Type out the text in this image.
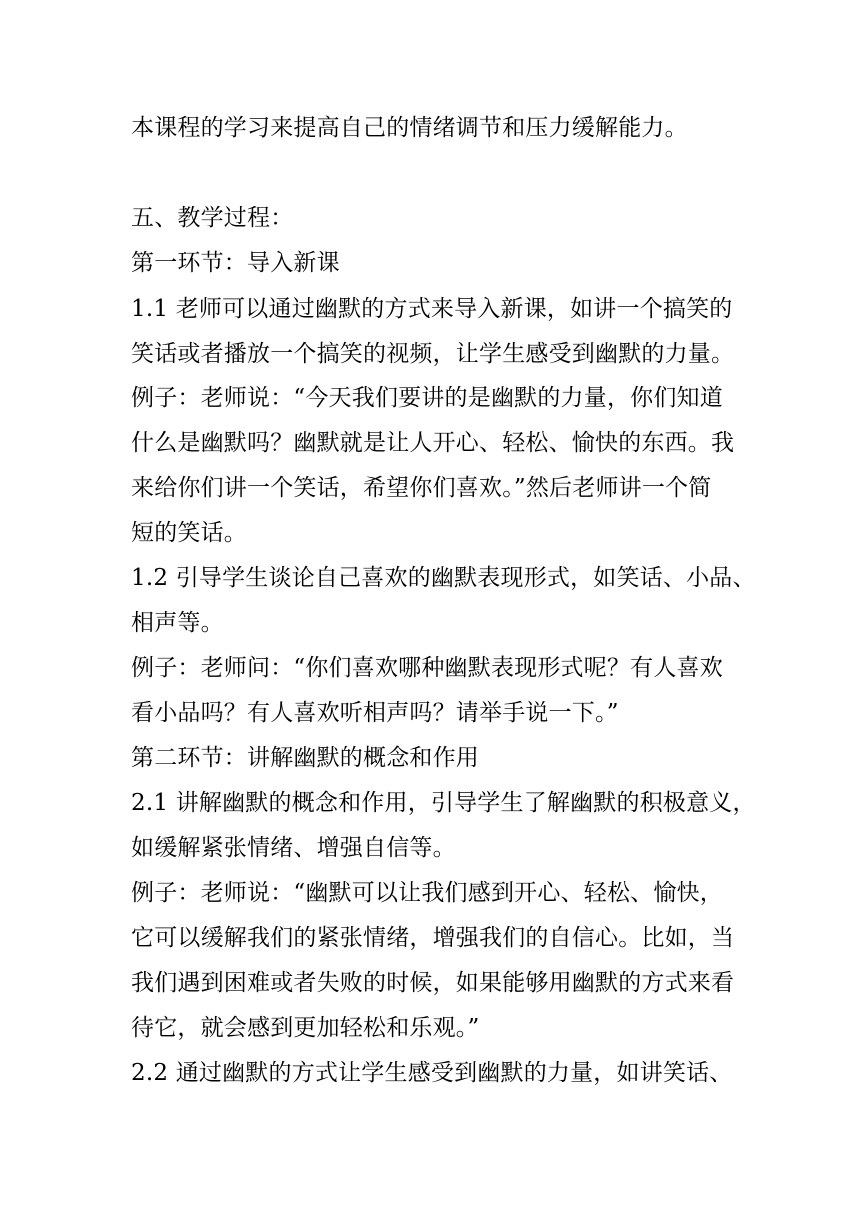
本课程的学习来提高自己的情绪调节和压力缓解能力。
五、教学过程：
第一环节：导入新课
1.1 老师可以通过幽默的方式来导入新课，如讲一个搞笑的
笑话或者播放一个搞笑的视频，让学生感受到幽默的力量。
例子：老师说：“今天我们要讲的是幽默的力量，你们知道
什么是幽默吗？幽默就是让人开心、轻松、愉快的东西。我
来给你们讲一个笑话，希望你们喜欢。”然后老师讲一个简
短的笑话。
1.2 引导学生谈论自己喜欢的幽默表现形式，如笑话、小品、
相声等。
例子：老师问：“你们喜欢哪种幽默表现形式呢？有人喜欢
看小品吗？有人喜欢听相声吗？请举手说一下。”
第二环节：讲解幽默的概念和作用
2.1 讲解幽默的概念和作用，引导学生了解幽默的积极意义，
如缓解紧张情绪、增强自信等。
例子：老师说：“幽默可以让我们感到开心、轻松、愉快，
它可以缓解我们的紧张情绪，增强我们的自信心。比如，当
我们遇到困难或者失败的时候，如果能够用幽默的方式来看
待它，就会感到更加轻松和乐观。”
2.2 通过幽默的方式让学生感受到幽默的力量，如讲笑话、
